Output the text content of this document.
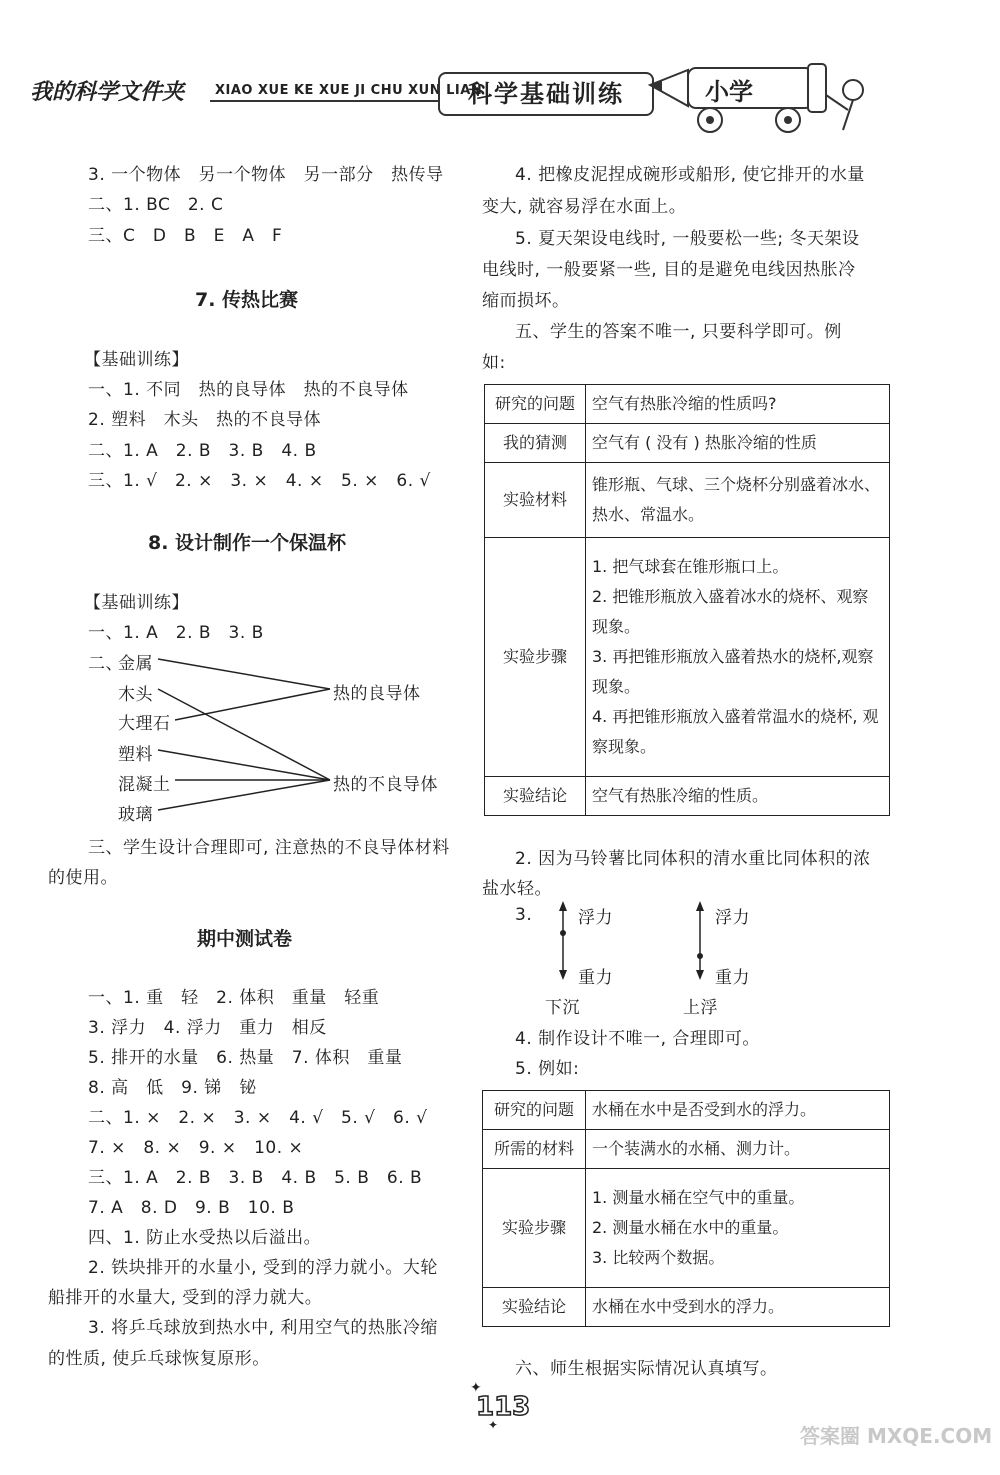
我的科学文件夹 XIAO XUE KE XUE JI CHU XUN LIAN
科学基础训练	小学
3. 一个物体　另一个物体　另一部分　热传导
二、1. BC　2. C
三、C　D　B　E　A　F
7. 传热比赛
【基础训练】
一、1. 不同　热的良导体　热的不良导体
2. 塑料　木头　热的不良导体
二、1. A　2. B　3. B　4. B
三、1. √　2. ×　3. ×　4. ×　5. ×　6. √
8. 设计制作一个保温杯
【基础训练】
一、1. A　2. B　3. B
二、
金属
木头
大理石
塑料
混凝土
玻璃
热的良导体
热的不良导体
三、学生设计合理即可, 注意热的不良导体材料
的使用。
期中测试卷
一、1. 重　轻　2. 体积　重量　轻重
3. 浮力　4. 浮力　重力　相反
5. 排开的水量　6. 热量　7. 体积　重量
8. 高　低　9. 锑　铋
二、1. ×　2. ×　3. ×　4. √　5. √　6. √
7. ×　8. ×　9. ×　10. ×
三、1. A　2. B　3. B　4. B　5. B　6. B
7. A　8. D　9. B　10. B
四、1. 防止水受热以后溢出。
2. 铁块排开的水量小, 受到的浮力就小。大轮
船排开的水量大, 受到的浮力就大。
3. 将乒乓球放到热水中, 利用空气的热胀冷缩
的性质, 使乒乓球恢复原形。
4. 把橡皮泥捏成碗形或船形, 使它排开的水量
变大, 就容易浮在水面上。
5. 夏天架设电线时, 一般要松一些; 冬天架设
电线时, 一般要紧一些, 目的是避免电线因热胀冷
缩而损坏。
五、学生的答案不唯一, 只要科学即可。例
如:
研究的问题	空气有热胀冷缩的性质吗?
我的猜测	空气有 ( 没有 ) 热胀冷缩的性质
实验材料	锥形瓶、气球、三个烧杯分别盛着冰水、热水、常温水。
实验步骤	1. 把气球套在锥形瓶口上。
2. 把锥形瓶放入盛着冰水的烧杯、观察现象。
3. 再把锥形瓶放入盛着热水的烧杯,观察现象。
4. 再把锥形瓶放入盛着常温水的烧杯, 观察现象。

实验结论	空气有热胀冷缩的性质。
2. 因为马铃薯比同体积的清水重比同体积的浓
盐水轻。
3.	浮力
重力
浮力
重力
下沉	上浮
4. 制作设计不唯一, 合理即可。
5. 例如:
研究的问题	水桶在水中是否受到水的浮力。
所需的材料	一个装满水的水桶、测力计。
实验步骤	1. 测量水桶在空气中的重量。
2. 测量水桶在水中的重量。
3. 比较两个数据。

实验结论	水桶在水中受到水的浮力。
六、师生根据实际情况认真填写。
✦
✦
113
答案圈 MXQE.COM
